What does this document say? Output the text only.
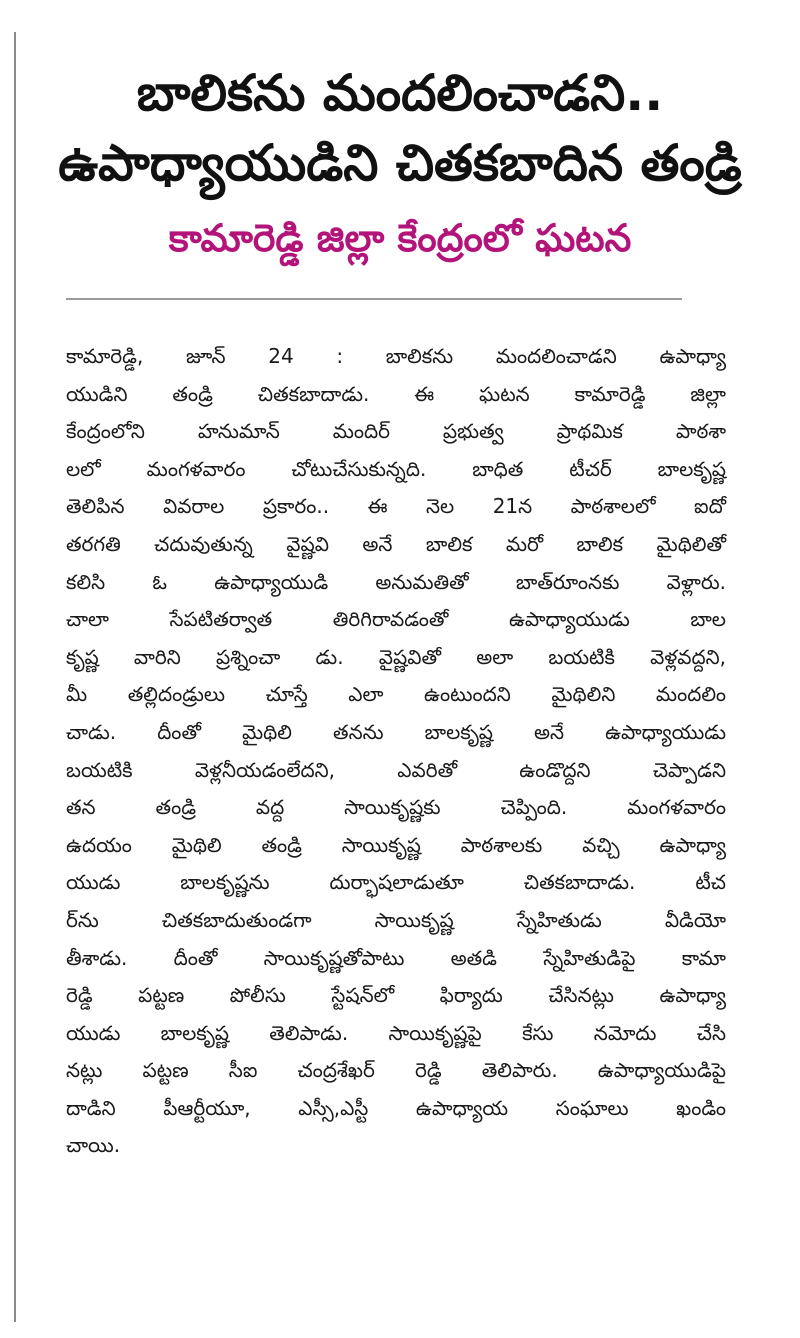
బాలికను మందలించాడని..
ఉపాధ్యాయుడిని చితకబాదిన తండ్రి
కామారెడ్డి జిల్లా కేంద్రంలో ఘటన
కామారెడ్డి, జూన్ 24 : బాలికను మందలించాడని ఉపాధ్యా
యుడిని తండ్రి చితకబాదాడు. ఈ ఘటన కామారెడ్డి జిల్లా
కేంద్రంలోని హనుమాన్ మందిర్ ప్రభుత్వ ప్రాథమిక పాఠశా
లలో మంగళవారం చోటుచేసుకున్నది. బాధిత టీచర్ బాలకృష్ణ
తెలిపిన వివరాల ప్రకారం.. ఈ నెల 21న పాఠశాలలో ఐదో
తరగతి చదువుతున్న వైష్ణవి అనే బాలిక మరో బాలిక మైథిలితో
కలిసి ఓ ఉపాధ్యాయుడి అనుమతితో బాత్‌రూంనకు వెళ్లారు.
చాలా సేపటితర్వాత తిరిగిరావడంతో ఉపాధ్యాయుడు బాల
కృష్ణ వారిని ప్రశ్నించా డు. వైష్ణవితో అలా బయటికి వెళ్లవద్దని,
మీ తల్లిదండ్రులు చూస్తే ఎలా ఉంటుందని మైథిలిని మందలిం
చాడు. దీంతో మైథిలి తనను బాలకృష్ణ అనే ఉపాధ్యాయుడు
బయటికి వెళ్లనీయడంలేదని, ఎవరితో ఉండొద్దని చెప్పాడని
తన తండ్రి వద్ద సాయికృష్ణకు చెప్పింది. మంగళవారం
ఉదయం మైథిలి తండ్రి సాయికృష్ణ పాఠశాలకు వచ్చి ఉపాధ్యా
యుడు బాలకృష్ణను దుర్భాషలాడుతూ చితకబాదాడు. టీచ
ర్‌ను చితకబాదుతుండగా సాయికృష్ణ స్నేహితుడు వీడియో
తీశాడు. దీంతో సాయికృష్ణతోపాటు అతడి స్నేహితుడిపై కామా
రెడ్డి పట్టణ పోలీసు స్టేషన్‌లో ఫిర్యాదు చేసినట్లు ఉపాధ్యా
యుడు బాలకృష్ణ తెలిపాడు. సాయికృష్ణపై కేసు నమోదు చేసి
నట్లు పట్టణ సీఐ చంద్రశేఖర్ రెడ్డి తెలిపారు. ఉపాధ్యాయుడిపై
దాడిని పీఆర్టీయూ, ఎస్సీ,ఎస్టీ ఉపాధ్యాయ సంఘాలు ఖండిం
చాయి.
